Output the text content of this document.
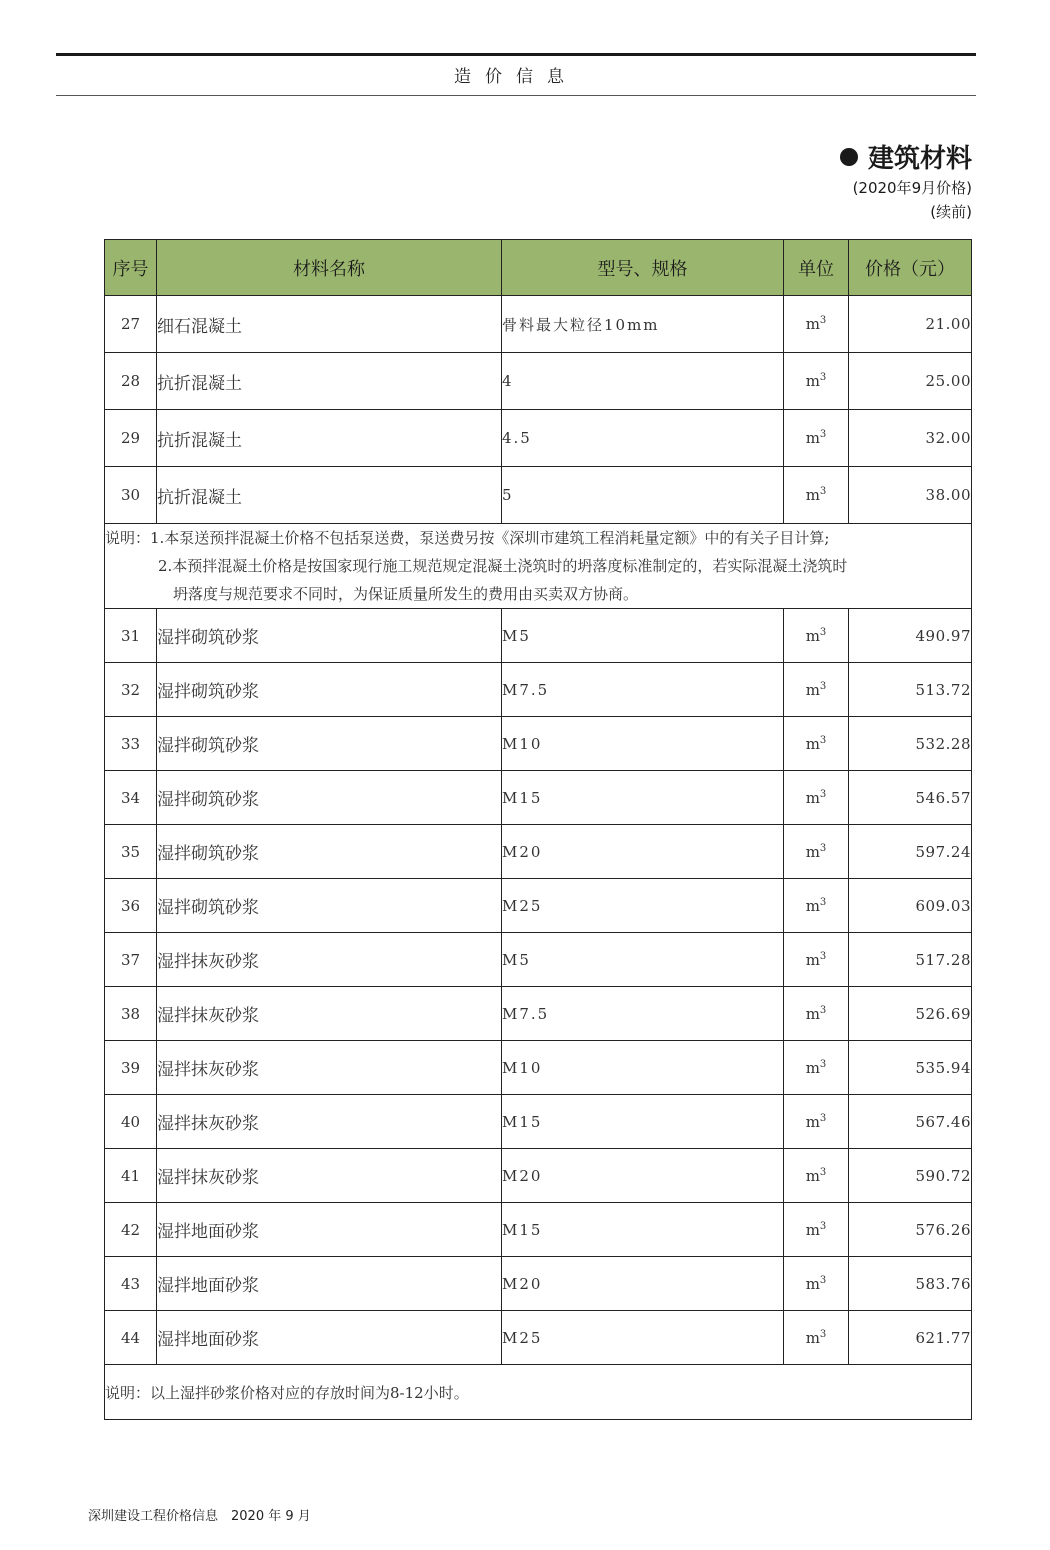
造价信息
建筑材料
(2020年9月价格)
(续前)
序号	材料名称	型号、规格	单位	价格（元）
27	细石混凝土	骨料最大粒径10mm	$m^3$	21.00
28	抗折混凝土	4	$m^3$	25.00
29	抗折混凝土	4.5	$m^3$	32.00
30	抗折混凝土	5	$m^3$	38.00

说明：1.本泵送预拌混凝土价格不包括泵送费，泵送费另按《深圳市建筑工程消耗量定额》中的有关子目计算;
2.本预拌混凝土价格是按国家现行施工规范规定混凝土浇筑时的坍落度标准制定的，若实际混凝土浇筑时
坍落度与规范要求不同时，为保证质量所发生的费用由买卖双方协商。				

31	湿拌砌筑砂浆	M5	$m^3$	490.97
32	湿拌砌筑砂浆	M7.5	$m^3$	513.72
33	湿拌砌筑砂浆	M10	$m^3$	532.28
34	湿拌砌筑砂浆	M15	$m^3$	546.57
35	湿拌砌筑砂浆	M20	$m^3$	597.24
36	湿拌砌筑砂浆	M25	$m^3$	609.03
37	湿拌抹灰砂浆	M5	$m^3$	517.28
38	湿拌抹灰砂浆	M7.5	$m^3$	526.69
39	湿拌抹灰砂浆	M10	$m^3$	535.94
40	湿拌抹灰砂浆	M15	$m^3$	567.46
41	湿拌抹灰砂浆	M20	$m^3$	590.72
42	湿拌地面砂浆	M15	$m^3$	576.26
43	湿拌地面砂浆	M20	$m^3$	583.76
44	湿拌地面砂浆	M25	$m^3$	621.77
说明：以上湿拌砂浆价格对应的存放时间为8-12小时。				
深圳建设工程价格信息　2020 年 9 月
